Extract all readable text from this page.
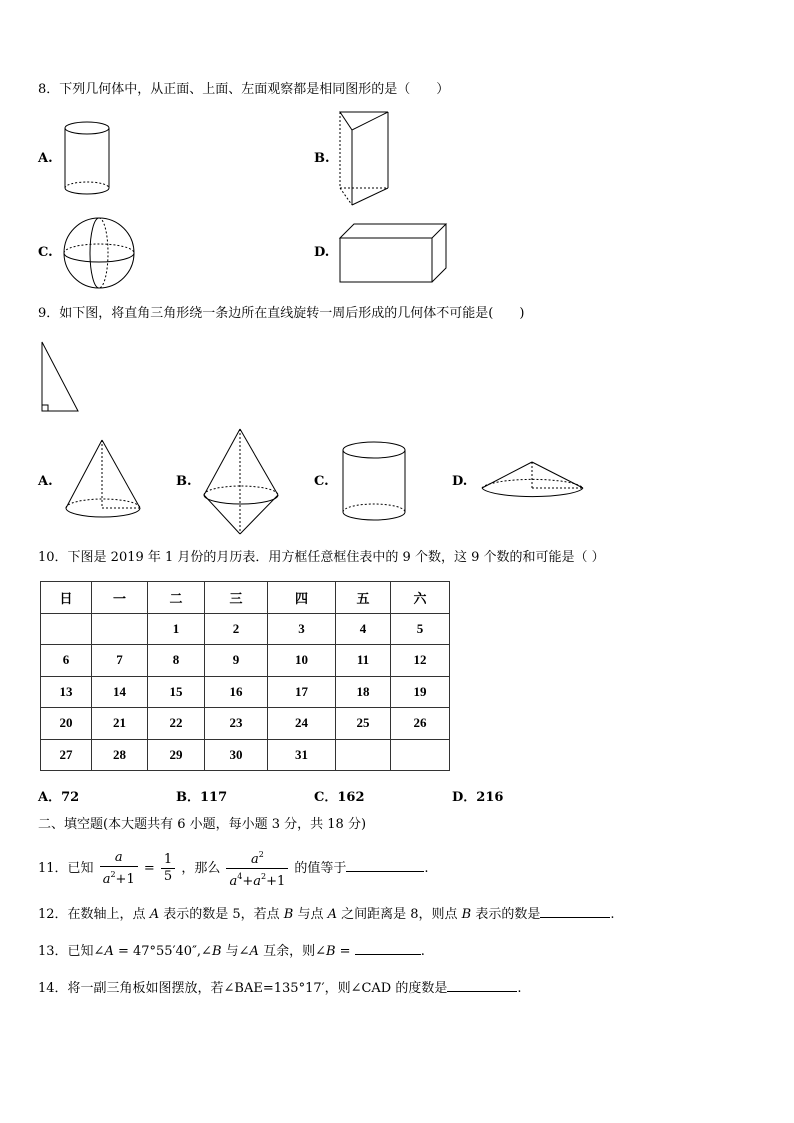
8．下列几何体中，从正面、上面、左面观察都是相同图形的是（　　）
A.	B.
C.	D.
9．如下图，将直角三角形绕一条边所在直线旋转一周后形成的几何体不可能是(　　)
A.	B.	C.	D.
10．下图是 2019 年 1 月份的月历表．用方框任意框住表中的 9 个数，这 9 个数的和可能是（ ）
日	一	二	三	四	五	六
		1	2	3	4	5
6	7	8	9	10	11	12
13	14	15	16	17	18	19
20	21	22	23	24	25	26
27	28	29	30	31		
A．72	B．117	C．162	D．216
二、填空题(本大题共有 6 小题，每小题 3 分，共 18 分)
11．已知 $\frac{a}{a^2+1} = \frac{1}{5}$ ，那么 $\frac{a^2}{a^4+a^2+1}$ 的值等于	.
12．在数轴上，点 A 表示的数是 5，若点 B 与点 A 之间距离是 8，则点 B 表示的数是	.
13．已知∠A = 47°55′40″,∠B 与∠A 互余，则∠B =	.
14．将一副三角板如图摆放，若∠BAE=135°17′，则∠CAD 的度数是	.
